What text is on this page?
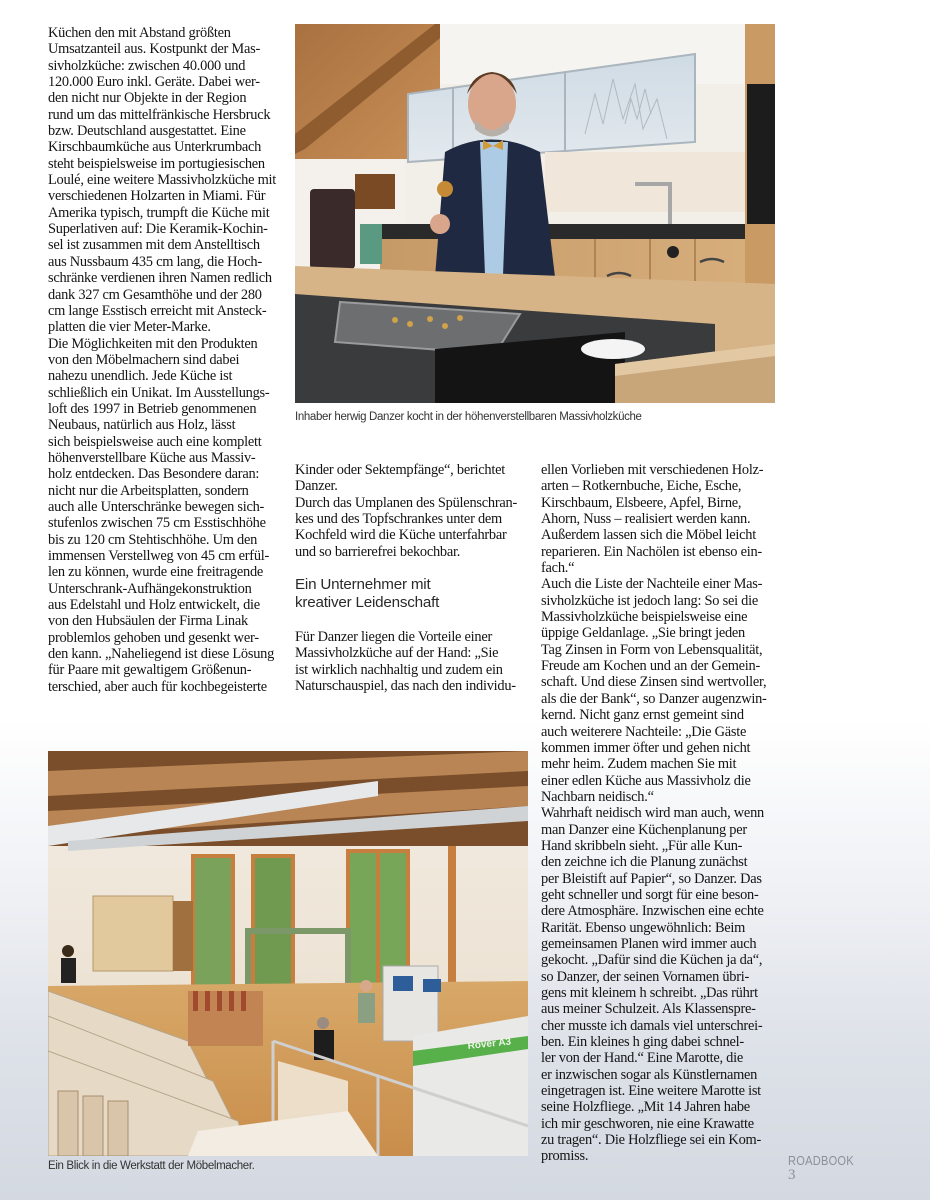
Inhaber herwig Danzer kocht in der höhenverstellbaren Massivholzküche
Küchen den mit Abstand größten
Umsatzanteil aus. Kostpunkt der Mas-
sivholzküche: zwischen 40.000 und
120.000 Euro inkl. Geräte. Dabei wer-
den nicht nur Objekte in der Region
rund um das mittelfränkische Hersbruck
bzw. Deutschland ausgestattet. Eine
Kirschbaumküche aus Unterkrumbach
steht beispielsweise im portugiesischen
Loulé, eine weitere Massivholzküche mit
verschiedenen Holzarten in Miami. Für
Amerika typisch, trumpft die Küche mit
Superlativen auf: Die Keramik-Kochin-
sel ist zusammen mit dem Anstelltisch
aus Nussbaum 435 cm lang, die Hoch-
schränke verdienen ihren Namen redlich
dank 327 cm Gesamthöhe und der 280
cm lange Esstisch erreicht mit Ansteck-
platten die vier Meter-Marke.
Die Möglichkeiten mit den Produkten
von den Möbelmachern sind dabei
nahezu unendlich. Jede Küche ist
schließlich ein Unikat. Im Ausstellungs-
loft des 1997 in Betrieb genommenen
Neubaus, natürlich aus Holz, lässt
sich beispielsweise auch eine komplett
höhenverstellbare Küche aus Massiv-
holz entdecken. Das Besondere daran:
nicht nur die Arbeitsplatten, sondern
auch alle Unterschränke bewegen sich-
stufenlos zwischen 75 cm Esstischhöhe
bis zu 120 cm Stehtischhöhe. Um den
immensen Verstellweg von 45 cm erfül-
len zu können, wurde eine freitragende
Unterschrank-Aufhängekonstruktion
aus Edelstahl und Holz entwickelt, die
von den Hubsäulen der Firma Linak
problemlos gehoben und gesenkt wer-
den kann. „Naheliegend ist diese Lösung
für Paare mit gewaltigem Größenun-
terschied, aber auch für kochbegeisterte
Kinder oder Sektempfänge“, berichtet
Danzer.
Durch das Umplanen des Spülenschran-
kes und des Topfschrankes unter dem
Kochfeld wird die Küche unterfahrbar
und so barrierefrei bekochbar.
Ein Unternehmer mit
kreativer Leidenschaft
Für Danzer liegen die Vorteile einer
Massivholzküche auf der Hand: „Sie
ist wirklich nachhaltig und zudem ein
Naturschauspiel, das nach den individu-
ellen Vorlieben mit verschiedenen Holz-
arten – Rotkernbuche, Eiche, Esche,
Kirschbaum, Elsbeere, Apfel, Birne,
Ahorn, Nuss – realisiert werden kann.
Außerdem lassen sich die Möbel leicht
reparieren. Ein Nachölen ist ebenso ein-
fach.“
Auch die Liste der Nachteile einer Mas-
sivholzküche ist jedoch lang: So sei die
Massivholzküche beispielsweise eine
üppige Geldanlage. „Sie bringt jeden
Tag Zinsen in Form von Lebensqualität,
Freude am Kochen und an der Gemein-
schaft. Und diese Zinsen sind wertvoller,
als die der Bank“, so Danzer augenzwin-
kernd. Nicht ganz ernst gemeint sind
auch weiterere Nachteile: „Die Gäste
kommen immer öfter und gehen nicht
mehr heim. Zudem machen Sie mit
einer edlen Küche aus Massivholz die
Nachbarn neidisch.“
Wahrhaft neidisch wird man auch, wenn
man Danzer eine Küchenplanung per
Hand skribbeln sieht. „Für alle Kun-
den zeichne ich die Planung zunächst
per Bleistift auf Papier“, so Danzer. Das
geht schneller und sorgt für eine beson-
dere Atmosphäre. Inzwischen eine echte
Rarität. Ebenso ungewöhnlich: Beim
gemeinsamen Planen wird immer auch
gekocht. „Dafür sind die Küchen ja da“,
so Danzer, der seinen Vornamen übri-
gens mit kleinem h schreibt. „Das rührt
aus meiner Schulzeit. Als Klassenspre-
cher musste ich damals viel unterschrei-
ben. Ein kleines h ging dabei schnel-
ler von der Hand.“ Eine Marotte, die
er inzwischen sogar als Künstlernamen
eingetragen ist. Eine weitere Marotte ist
seine Holzfliege. „Mit 14 Jahren habe
ich mir geschworen, nie eine Krawatte
zu tragen“. Die Holzfliege sei ein Kom-
promiss.
Rover A3
Ein Blick in die Werkstatt der Möbelmacher.	ROADBOOK
3
